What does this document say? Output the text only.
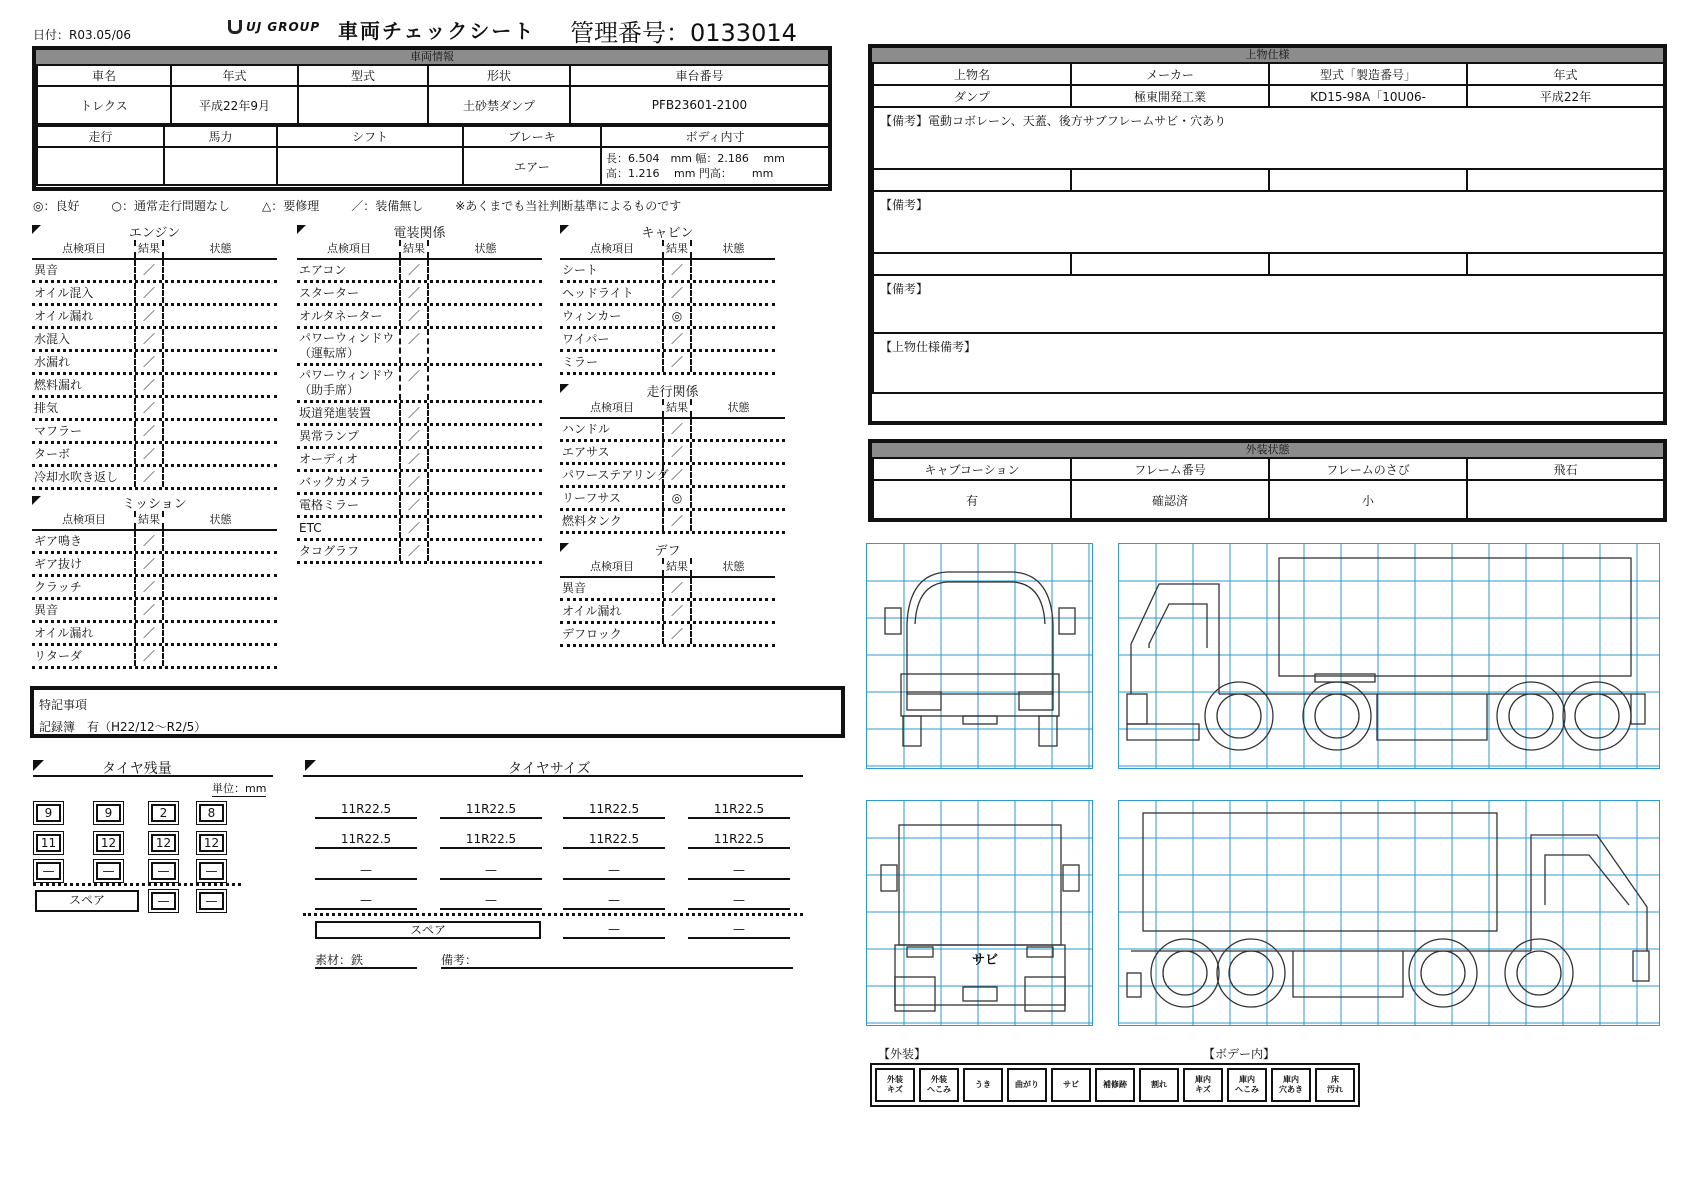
日付：R03.05/06
UJ GROUP 車両チェックシート 管理番号：0133014
車両情報
車名	年式	型式	形状	車台番号
トレクス	平成22年9月		土砂禁ダンプ	PFB23601-2100
走行	馬力	シフト	ブレーキ	ボディ内寸
			エアー	長：6.504　mm 幅：2.186　 mm
高：1.216　 mm 門高：　　 mm
◎：良好	○：通常走行問題なし	△：要修理	／：装備無し	※あくまでも当社判断基準によるものです
エンジン
点検項目	結果	状態
異音	／
オイル混入	／
オイル漏れ	／
水混入	／
水漏れ	／
燃料漏れ	／
排気	／
マフラー	／
ターボ	／
冷却水吹き返し	／
ミッション
点検項目	結果	状態
ギア鳴き	／
ギア抜け	／
クラッチ	／
異音	／
オイル漏れ	／
リターダ	／
電装関係
点検項目	結果	状態
エアコン	／
スターター	／
オルタネーター	／
パワーウィンドウ（運転席）
／
パワーウィンドウ（助手席）
／
坂道発進装置	／
異常ランプ	／
オーディオ	／
バックカメラ	／
電格ミラー	／
ETC	／
タコグラフ	／
キャビン
点検項目	結果	状態
シート	／
ヘッドライト	／
ウィンカー	◎
ワイパー	／
ミラー	／
走行関係
点検項目	結果	状態
ハンドル	／
エアサス	／
パワーステアリング ／
リーフサス	◎
燃料タンク	／
デフ
点検項目	結果	状態
異音	／
オイル漏れ	／
デフロック	／
特記事項
記録簿　有（H22/12～R2/5）
タイヤ残量
単位：mm
9	9	2	8
11	12	12	12
—	—	—	—
スペア	—	—
タイヤサイズ
11R22.5	11R22.5	11R22.5	11R22.5
11R22.5	11R22.5	11R22.5	11R22.5
—	—	—	—
—	—	—	—
スペア	—	—
素材：鉄	備考：
上物仕様
上物名	メーカー	型式「製造番号」	年式
ダンプ	極東開発工業	KD15-98A「10U06-	平成22年
【備考】電動コボレーン、天蓋、後方サブフレームサビ・穴あり			

【備考】			

【備考】			
【上物仕様備考】			
外装状態
キャブコーション	フレーム番号	フレームのさび	飛石
有	確認済	小	
サビ
【外装】	【ボデー内】
外装
キズ
外装
へこみ
うき	曲がり	サビ	補修跡	割れ
庫内
キズ
庫内
へこみ
庫内
穴あき
床
汚れ
